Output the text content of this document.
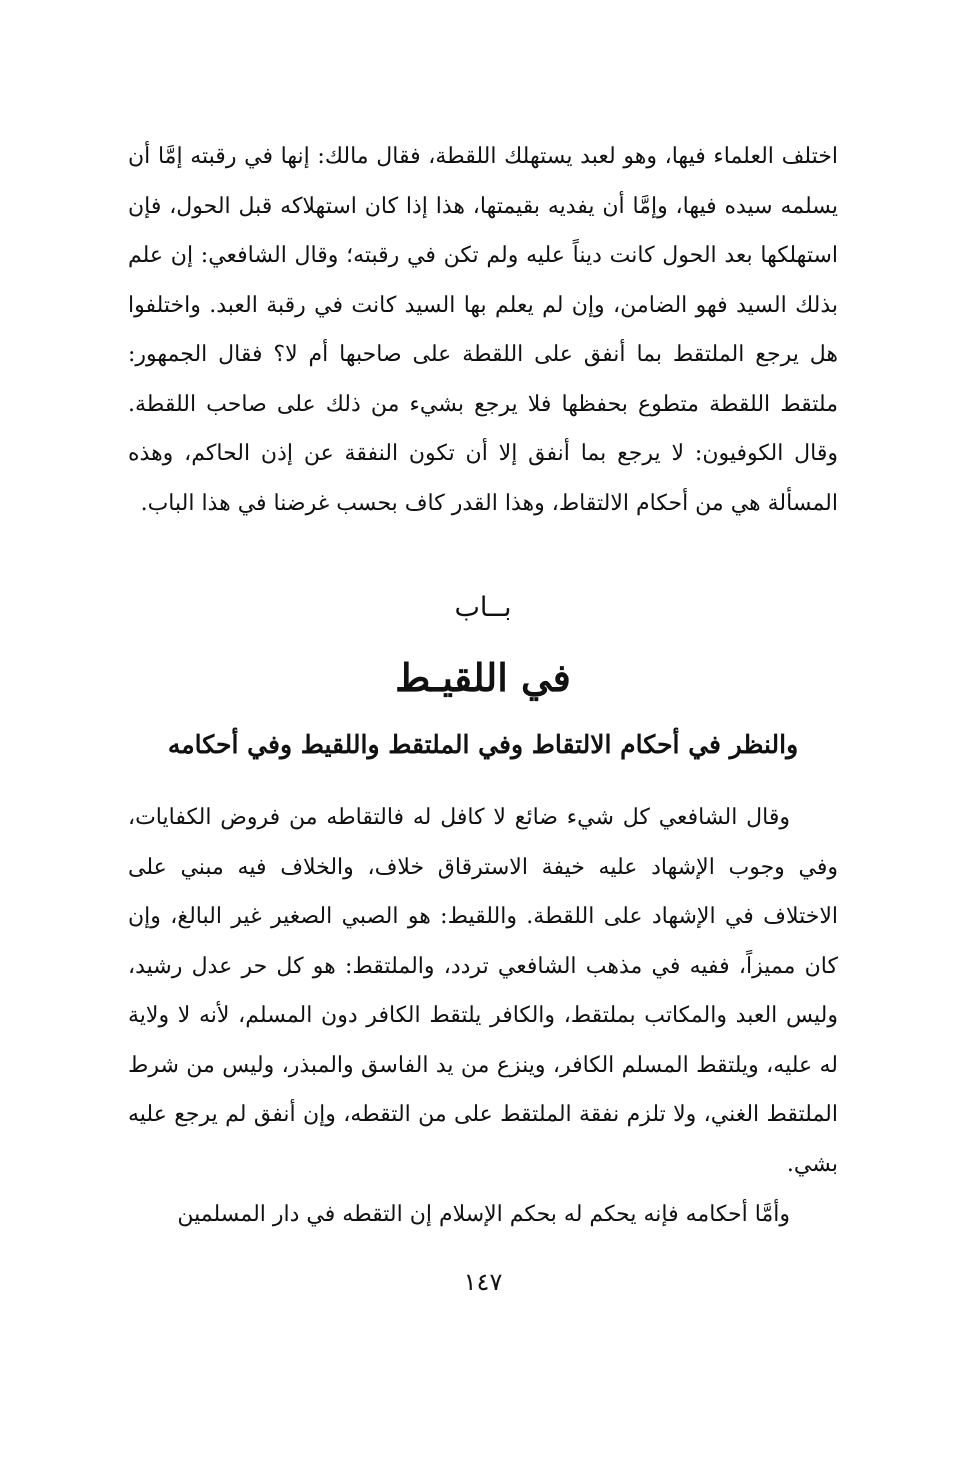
اختلف العلماء فيها، وهو لعبد يستهلك اللقطة، فقال مالك: إنها في رقبته إمَّا أن يسلمه سيده فيها، وإمَّا أن يفديه بقيمتها، هذا إذا كان استهلاكه قبل الحول، فإن استهلكها بعد الحول كانت ديناً عليه ولم تكن في رقبته؛ وقال الشافعي: إن علم بذلك السيد فهو الضامن، وإن لم يعلم بها السيد كانت في رقبة العبد. واختلفوا هل يرجع الملتقط بما أنفق على اللقطة على صاحبها أم لا؟ فقال الجمهور: ملتقط اللقطة متطوع بحفظها فلا يرجع بشيء من ذلك على صاحب اللقطة. وقال الكوفيون: لا يرجع بما أنفق إلا أن تكون النفقة عن إذن الحاكم، وهذه المسألة هي من أحكام الالتقاط، وهذا القدر كاف بحسب غرضنا في هذا الباب.

بــاب

في اللقيـط
والنظر في أحكام الالتقاط وفي الملتقط واللقيط وفي أحكامه

وقال الشافعي كل شيء ضائع لا كافل له فالتقاطه من فروض الكفايات، وفي وجوب الإشهاد عليه خيفة الاسترقاق خلاف، والخلاف فيه مبني على الاختلاف في الإشهاد على اللقطة. واللقيط: هو الصبي الصغير غير البالغ، وإن كان مميزاً، ففيه في مذهب الشافعي تردد، والملتقط: هو كل حر عدل رشيد، وليس العبد والمكاتب بملتقط، والكافر يلتقط الكافر دون المسلم، لأنه لا ولاية له عليه، ويلتقط المسلم الكافر، وينزع من يد الفاسق والمبذر، وليس من شرط الملتقط الغني، ولا تلزم نفقة الملتقط على من التقطه، وإن أنفق لم يرجع عليه بشي.

وأمَّا أحكامه فإنه يحكم له بحكم الإسلام إن التقطه في دار المسلمين

١٤٧
